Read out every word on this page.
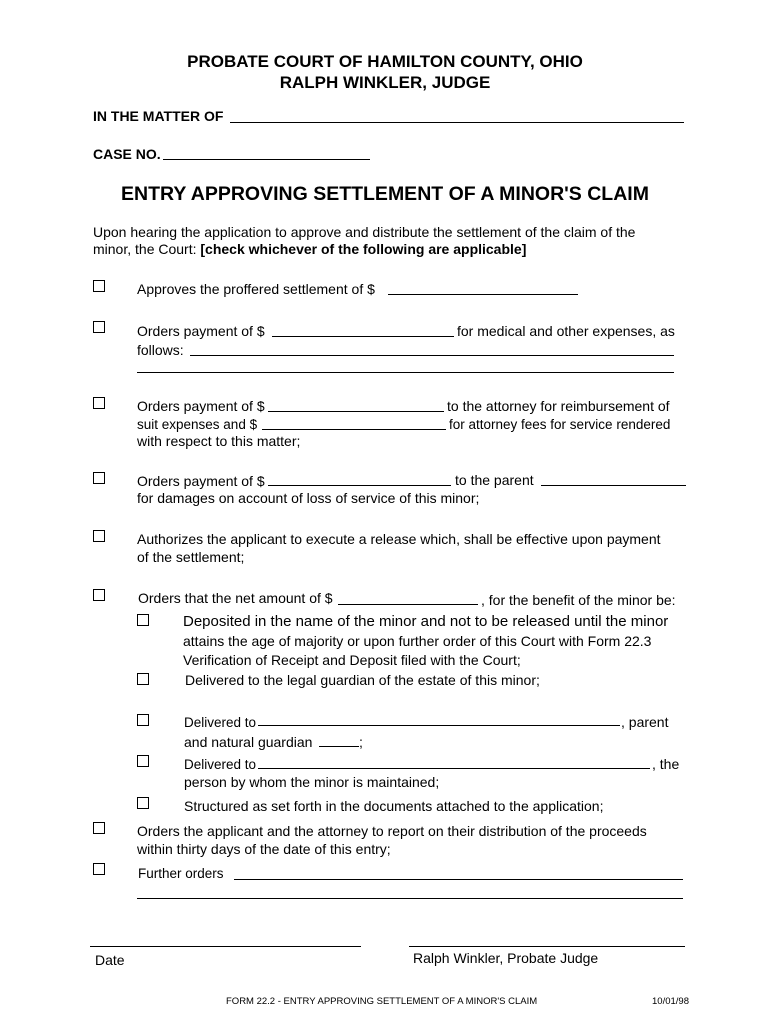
PROBATE COURT OF HAMILTON COUNTY, OHIO
RALPH WINKLER, JUDGE
IN THE MATTER OF
CASE NO.
ENTRY APPROVING SETTLEMENT OF A MINOR'S CLAIM
Upon hearing the application to approve and distribute the settlement of the claim of the
minor, the Court: [check whichever of the following are applicable]
Approves the proffered settlement of $
Orders payment of $	for medical and other expenses, as
follows:
Orders payment of $	to the attorney for reimbursement of
suit expenses and $	for attorney fees for service rendered
with respect to this matter;
Orders payment of $	to the parent
for damages on account of loss of service of this minor;
Authorizes the applicant to execute a release which, shall be effective upon payment
of the settlement;
Orders that the net amount of $	, for the benefit of the minor be:
Deposited in the name of the minor and not to be released until the minor
attains the age of majority or upon further order of this Court with Form 22.3
Verification of Receipt and Deposit filed with the Court;
Delivered to the legal guardian of the estate of this minor;
Delivered to	, parent
and natural guardian	;
Delivered to	, the
person by whom the minor is maintained;
Structured as set forth in the documents attached to the application;
Orders the applicant and the attorney to report on their distribution of the proceeds
within thirty days of the date of this entry;
Further orders
Date	Ralph Winkler, Probate Judge
FORM 22.2 - ENTRY APPROVING SETTLEMENT OF A MINOR'S CLAIM	10/01/98
